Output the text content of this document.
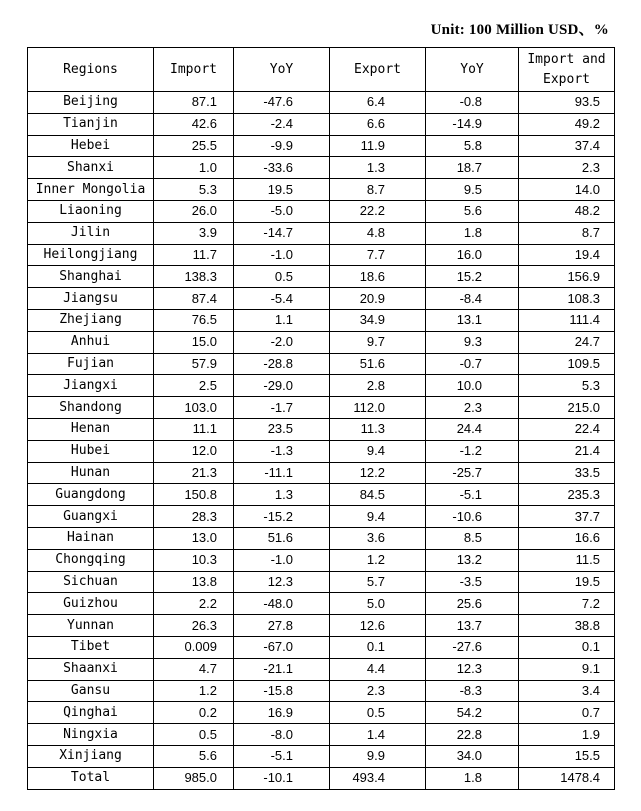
Unit: 100 Million USD、%
Regions	Import	YoY	Export	YoY	Import and Export
Beijing	87.1	-47.6	6.4	-0.8	93.5
Tianjin	42.6	-2.4	6.6	-14.9	49.2
Hebei	25.5	-9.9	11.9	5.8	37.4
Shanxi	1.0	-33.6	1.3	18.7	2.3
Inner Mongolia	5.3	19.5	8.7	9.5	14.0
Liaoning	26.0	-5.0	22.2	5.6	48.2
Jilin	3.9	-14.7	4.8	1.8	8.7
Heilongjiang	11.7	-1.0	7.7	16.0	19.4
Shanghai	138.3	0.5	18.6	15.2	156.9
Jiangsu	87.4	-5.4	20.9	-8.4	108.3
Zhejiang	76.5	1.1	34.9	13.1	111.4
Anhui	15.0	-2.0	9.7	9.3	24.7
Fujian	57.9	-28.8	51.6	-0.7	109.5
Jiangxi	2.5	-29.0	2.8	10.0	5.3
Shandong	103.0	-1.7	112.0	2.3	215.0
Henan	11.1	23.5	11.3	24.4	22.4
Hubei	12.0	-1.3	9.4	-1.2	21.4
Hunan	21.3	-11.1	12.2	-25.7	33.5
Guangdong	150.8	1.3	84.5	-5.1	235.3
Guangxi	28.3	-15.2	9.4	-10.6	37.7
Hainan	13.0	51.6	3.6	8.5	16.6
Chongqing	10.3	-1.0	1.2	13.2	11.5
Sichuan	13.8	12.3	5.7	-3.5	19.5
Guizhou	2.2	-48.0	5.0	25.6	7.2
Yunnan	26.3	27.8	12.6	13.7	38.8
Tibet	0.009	-67.0	0.1	-27.6	0.1
Shaanxi	4.7	-21.1	4.4	12.3	9.1
Gansu	1.2	-15.8	2.3	-8.3	3.4
Qinghai	0.2	16.9	0.5	54.2	0.7
Ningxia	0.5	-8.0	1.4	22.8	1.9
Xinjiang	5.6	-5.1	9.9	34.0	15.5
Total	985.0	-10.1	493.4	1.8	1478.4
